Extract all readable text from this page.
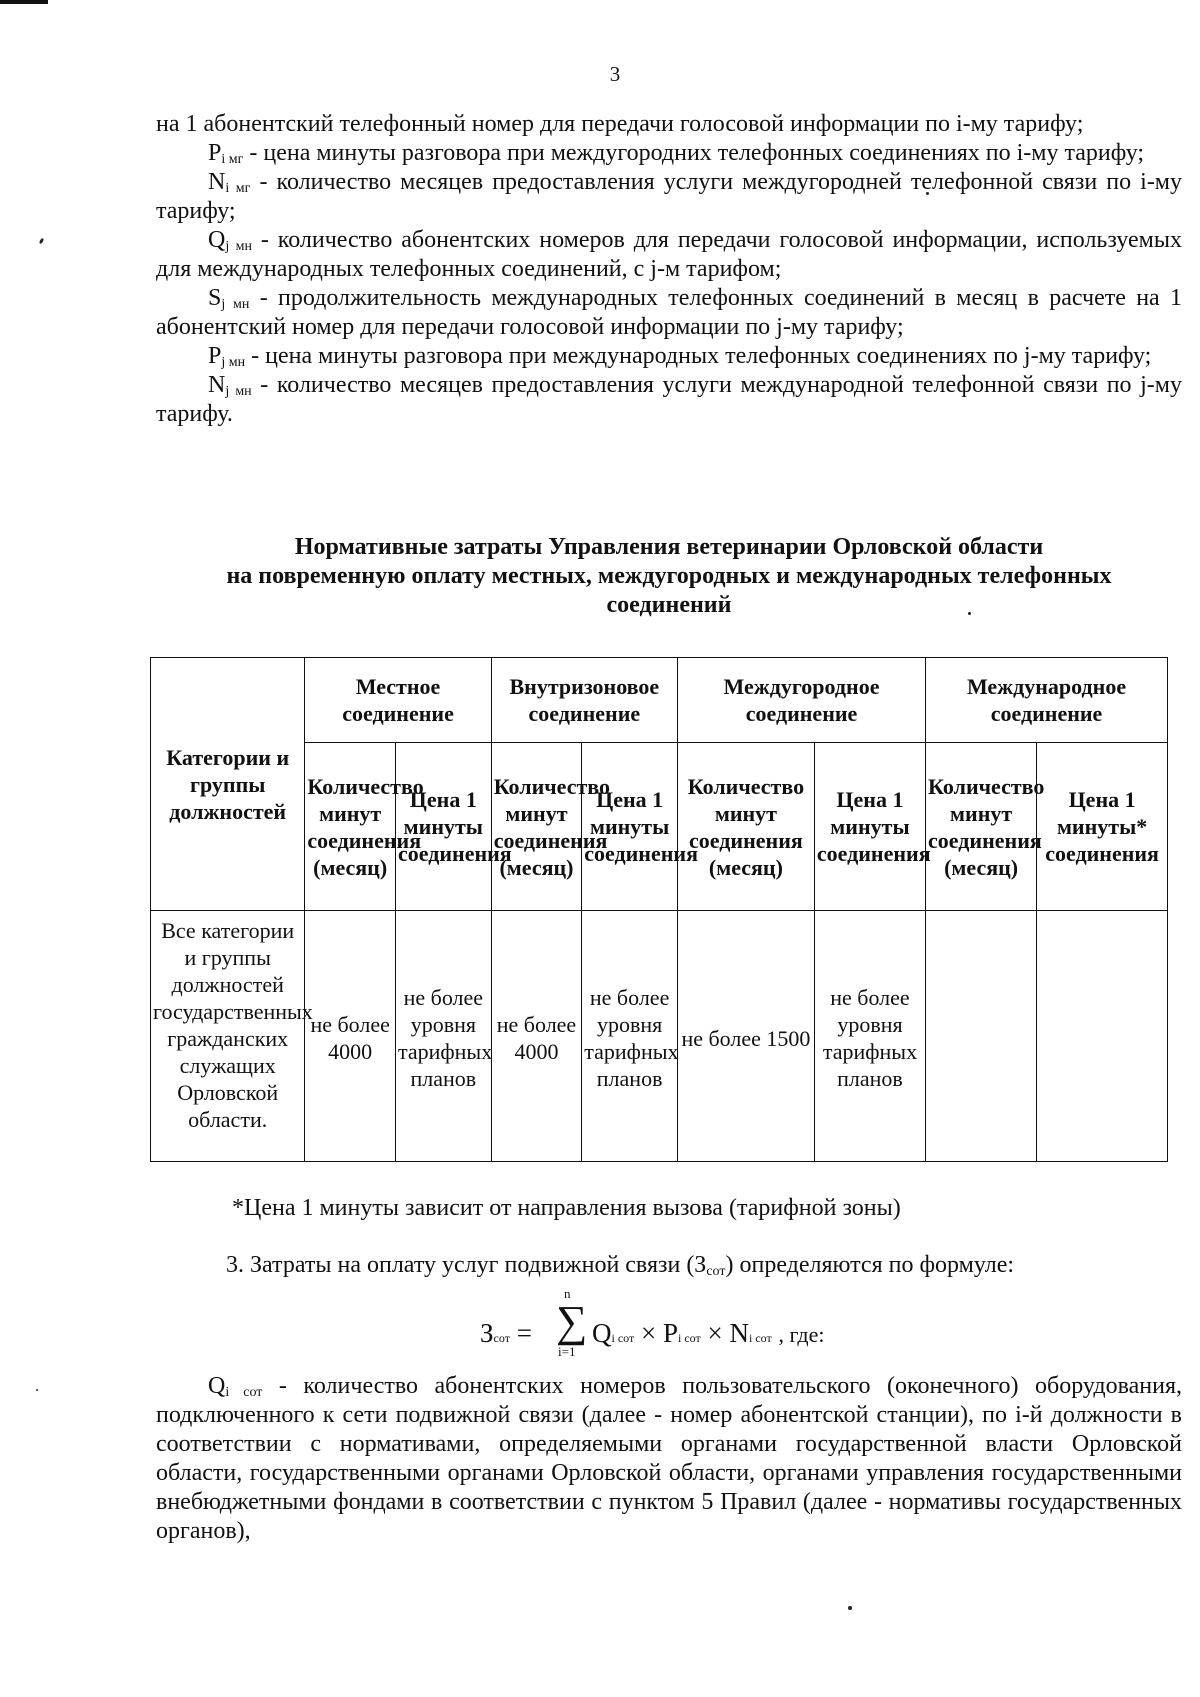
3

на 1 абонентский телефонный номер для передачи голосовой информации по i-му тарифу;

$P_{i мг}$ - цена минуты разговора при междугородних телефонных соединениях по i-му тарифу;

$N_{i мг}$ - количество месяцев предоставления услуги междугородней телефонной связи по i-му тарифу;

$Q_{j мн}$ - количество абонентских номеров для передачи голосовой информации, используемых для международных телефонных соединений, с j-м тарифом;

$S_{j мн}$ - продолжительность международных телефонных соединений в месяц в расчете на 1 абонентский номер для передачи голосовой информации по j-му тарифу;

$P_{j мн}$ - цена минуты разговора при международных телефонных соединениях по j-му тарифу;

$N_{j мн}$ - количество месяцев предоставления услуги международной телефонной связи по j-му тарифу.

Нормативные затраты Управления ветеринарии Орловской области
на повременную оплату местных, междугородных и международных телефонных
соединений
Категории и группы должностей	Местное соединение		Внутризоновое соединение		Междугородное соединение		Международное соединение	
	Количество минут соединения (месяц)	Цена 1 минуты соединения	Количество минут соединения (месяц)	Цена 1 минуты соединения	Количество минут соединения (месяц)	Цена 1 минуты соединения	Количество минут соединения (месяц)	Цена 1 минуты* соединения
Все категории и группы должностей государственных гражданских служащих Орловской области.	не более 4000	не более уровня тарифных планов	не более 4000	не более уровня тарифных планов	не более 1500	не более уровня тарифных планов		
*Цена 1 минуты зависит от направления вызова (тарифной зоны)
3. Затраты на оплату услуг подвижной связи $(З_{сот})$ определяются по формуле:
Зсот =
n
∑
i=1
Qi сот × Pi сот × Ni сот , где:

$Q_{i сот}$ - количество абонентских номеров пользовательского (оконечного) оборудования, подключенного к сети подвижной связи (далее - номер абонентской станции), по i-й должности в соответствии с нормативами, определяемыми органами государственной власти Орловской области, государственными органами Орловской области, органами управления государственными внебюджетными фондами в соответствии с пунктом 5 Правил (далее - нормативы государственных органов),
